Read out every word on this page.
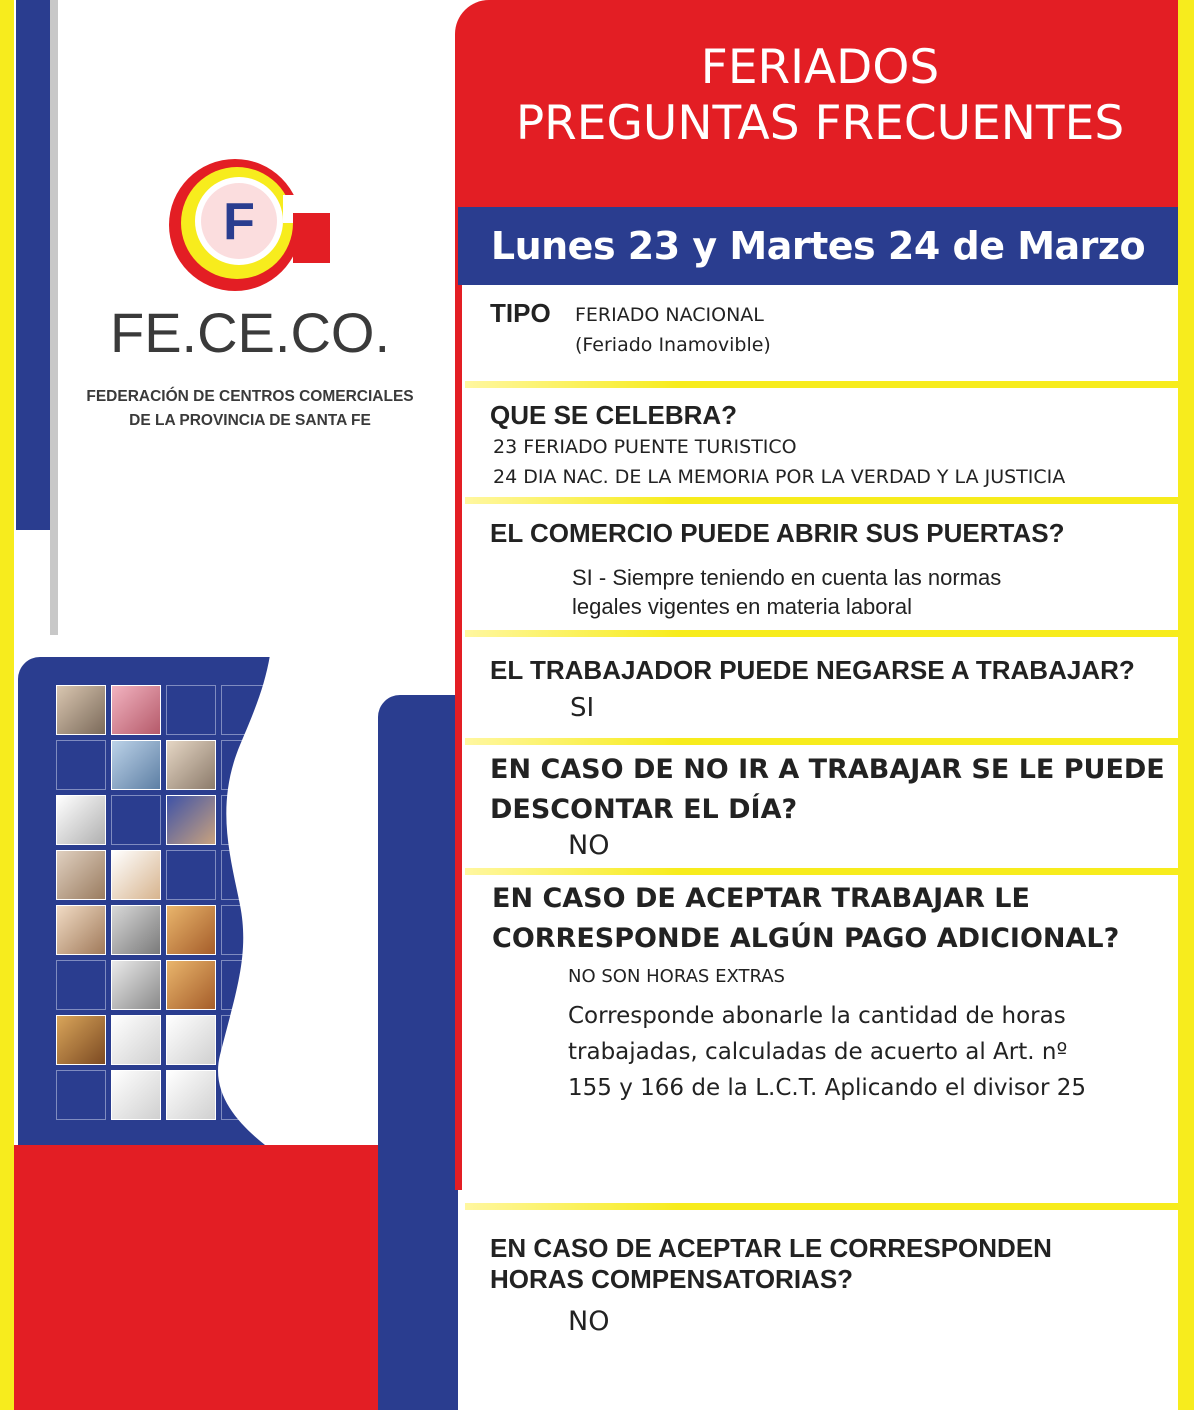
F
FE.CE.CO.
FEDERACIÓN DE CENTROS COMERCIALES
DE LA PROVINCIA DE SANTA FE
FERIADOS
PREGUNTAS FRECUENTES
Lunes 23 y Martes 24 de Marzo 2015
TIPO FERIADO NACIONAL
(Feriado Inamovible)
QUE SE CELEBRA?
23 FERIADO PUENTE TURISTICO
24 DIA NAC. DE LA MEMORIA POR LA VERDAD Y LA JUSTICIA
EL COMERCIO PUEDE ABRIR SUS PUERTAS?
SI - Siempre teniendo en cuenta las normas
legales vigentes en materia laboral
EL TRABAJADOR PUEDE NEGARSE A TRABAJAR?
SI
EN CASO DE NO IR A TRABAJAR SE LE PUEDE
DESCONTAR EL DÍA?
NO
EN CASO DE ACEPTAR TRABAJAR LE
CORRESPONDE ALGÚN PAGO ADICIONAL?
NO SON HORAS EXTRAS
Corresponde abonarle la cantidad de horas
trabajadas, calculadas de acuerto al Art. nº
155 y 166 de la L.C.T. Aplicando el divisor 25
EN CASO DE ACEPTAR LE CORRESPONDEN
HORAS COMPENSATORIAS?
NO
